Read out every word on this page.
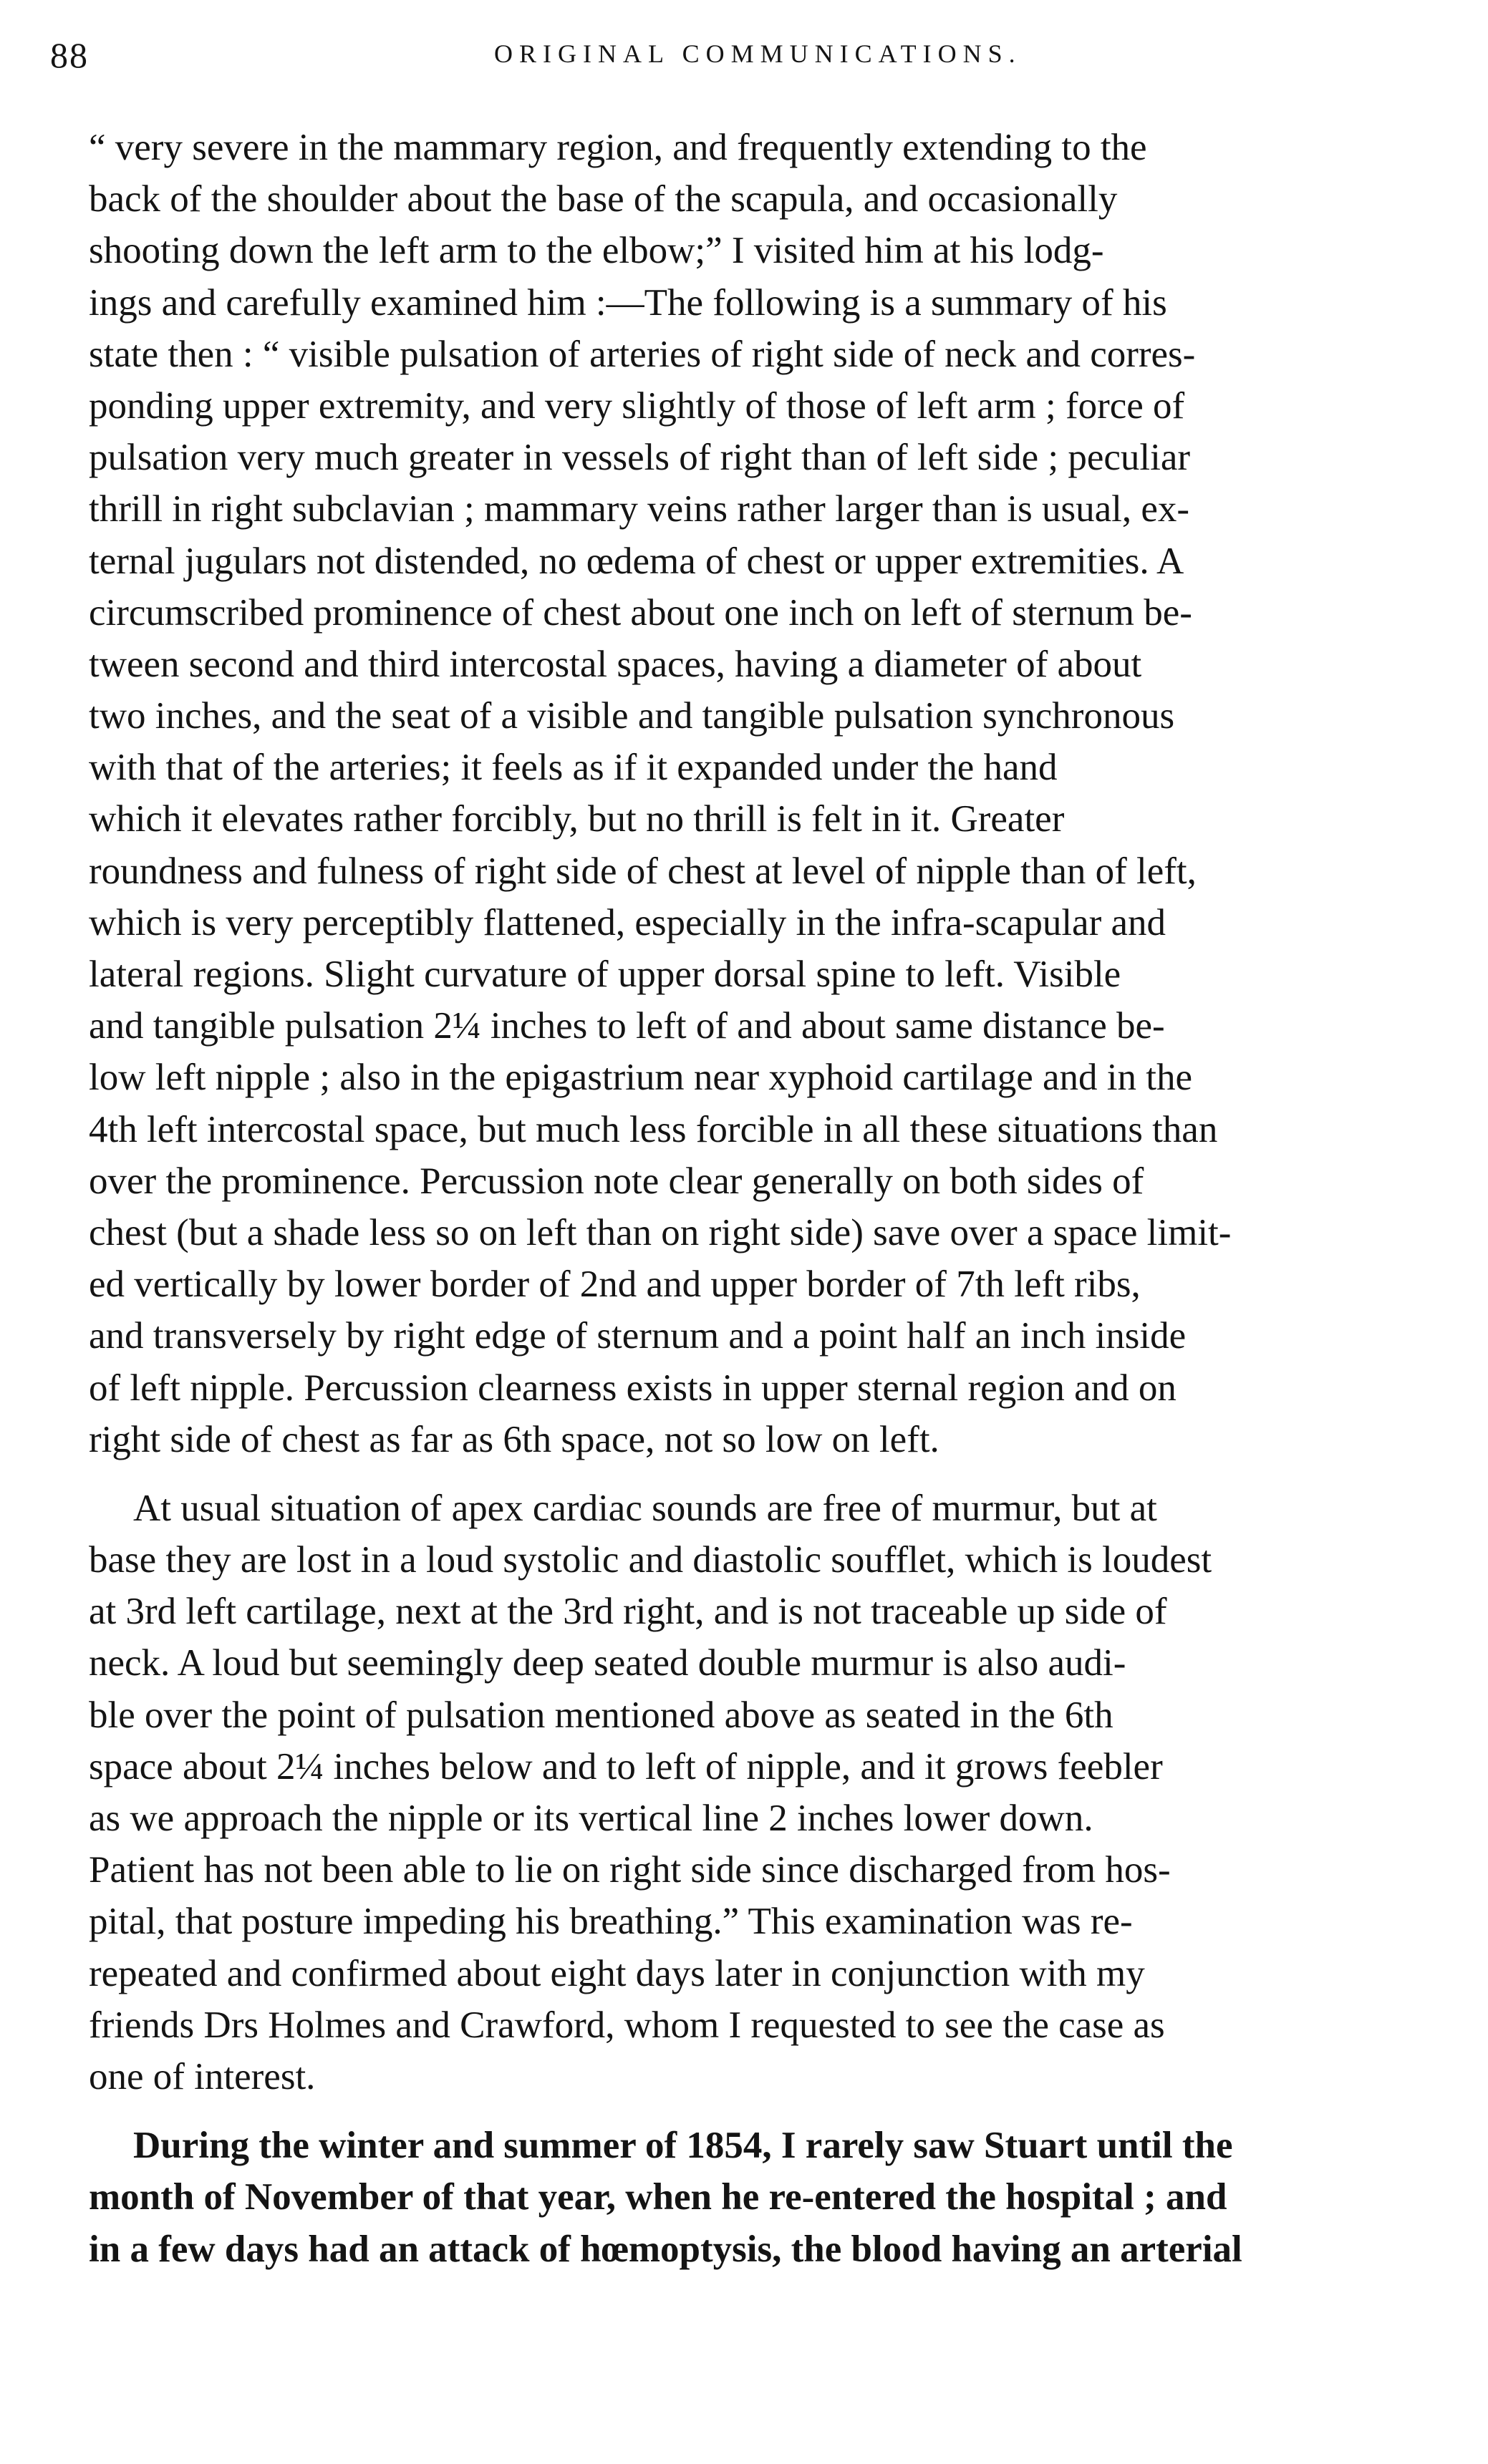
88	ORIGINAL COMMUNICATIONS.
“ very severe in the mammary region, and frequently extending to the
back of the shoulder about the base of the scapula, and occasionally
shooting down the left arm to the elbow;” I visited him at his lodg-
ings and carefully examined him :—The following is a summary of his
state then : “ visible pulsation of arteries of right side of neck and corres-
ponding upper extremity, and very slightly of those of left arm ; force of
pulsation very much greater in vessels of right than of left side ; peculiar
thrill in right subclavian ; mammary veins rather larger than is usual, ex-
ternal jugulars not distended, no œdema of chest or upper extremities. A
circumscribed prominence of chest about one inch on left of sternum be-
tween second and third intercostal spaces, having a diameter of about
two inches, and the seat of a visible and tangible pulsation synchronous
with that of the arteries; it feels as if it expanded under the hand
which it elevates rather forcibly, but no thrill is felt in it. Greater
roundness and fulness of right side of chest at level of nipple than of left,
which is very perceptibly flattened, especially in the infra-scapular and
lateral regions. Slight curvature of upper dorsal spine to left. Visible
and tangible pulsation 2¼ inches to left of and about same distance be-
low left nipple ; also in the epigastrium near xyphoid cartilage and in the
4th left intercostal space, but much less forcible in all these situations than
over the prominence. Percussion note clear generally on both sides of
chest (but a shade less so on left than on right side) save over a space limit-
ed vertically by lower border of 2nd and upper border of 7th left ribs,
and transversely by right edge of sternum and a point half an inch inside
of left nipple. Percussion clearness exists in upper sternal region and on
right side of chest as far as 6th space, not so low on left.
At usual situation of apex cardiac sounds are free of murmur, but at
base they are lost in a loud systolic and diastolic soufflet, which is loudest
at 3rd left cartilage, next at the 3rd right, and is not traceable up side of
neck. A loud but seemingly deep seated double murmur is also audi-
ble over the point of pulsation mentioned above as seated in the 6th
space about 2¼ inches below and to left of nipple, and it grows feebler
as we approach the nipple or its vertical line 2 inches lower down.
Patient has not been able to lie on right side since discharged from hos-
pital, that posture impeding his breathing.” This examination was re-
repeated and confirmed about eight days later in conjunction with my
friends Drs Holmes and Crawford, whom I requested to see the case as
one of interest.
During the winter and summer of 1854, I rarely saw Stuart until the
month of November of that year, when he re-entered the hospital ; and
in a few days had an attack of hœmoptysis, the blood having an arterial
